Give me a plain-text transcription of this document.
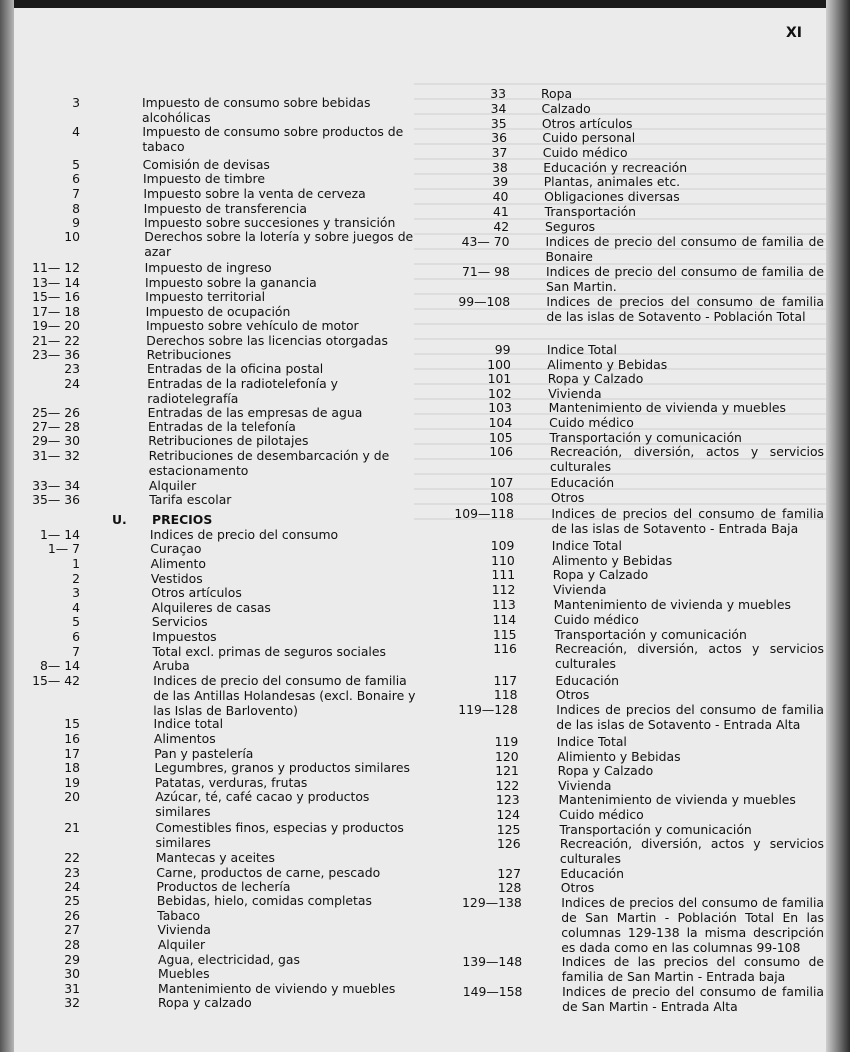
XI
3	Impuesto de consumo sobre bebidas alcohólicas
4	Impuesto de consumo sobre productos de tabaco
5	Comisión de devisas
6	Impuesto de timbre
7	Impuesto sobre la venta de cerveza
8	Impuesto de transferencia
9	Impuesto sobre succesiones y transición
10	Derechos sobre la lotería y sobre juegos de azar
11— 12	Impuesto de ingreso
13— 14	Impuesto sobre la ganancia
15— 16	Impuesto territorial
17— 18	Impuesto de ocupación
19— 20	Impuesto sobre vehículo de motor
21— 22	Derechos sobre las licencias otorgadas
23— 36	Retribuciones
23	Entradas de la oficina postal
24	Entradas de la radiotelefonía y radiotelegrafía
25— 26	Entradas de las empresas de agua
27— 28	Entradas de la telefonía
29— 30	Retribuciones de pilotajes
31— 32	Retribuciones de desembarcación y de estacionamento
33— 34	Alquiler
35— 36	Tarifa escolar
U.	PRECIOS
1— 14	Indices de precio del consumo
1— 7	Curaçao
1	Alimento
2	Vestidos
3	Otros artículos
4	Alquileres de casas
5	Servicios
6	Impuestos
7	Total excl. primas de seguros sociales
8— 14	Aruba
15— 42	Indices de precio del consumo de familia de las Antillas Holandesas (excl. Bonaire y las Islas de Barlovento)
15	Indice total
16	Alimentos
17	Pan y pastelería
18	Legumbres, granos y productos similares
19	Patatas, verduras, frutas
20	Azúcar, té, café cacao y productos similares
21	Comestibles finos, especias y productos similares
22	Mantecas y aceites
23	Carne, productos de carne, pescado
24	Productos de lechería
25	Bebidas, hielo, comidas completas
26	Tabaco
27	Vivienda
28	Alquiler
29	Agua, electricidad, gas
30	Muebles
31	Mantenimiento de viviendo y muebles
32	Ropa y calzado
33	Ropa
34	Calzado
35	Otros artículos
36	Cuido personal
37	Cuido médico
38	Educación y recreación
39	Plantas, animales etc.
40	Obligaciones diversas
41	Transportación
42	Seguros
43— 70	Indices de precio del consumo de familia de Bonaire
71— 98	Indices de precio del consumo de familia de San Martin.
99—108	Indices de precios del consumo de familia de las islas de Sotavento - Población Total
99	Indice Total
100	Alimento y Bebidas
101	Ropa y Calzado
102	Vivienda
103	Mantenimiento de vivienda y muebles
104	Cuido médico
105	Transportación y comunicación
106	Recreación, diversión, actos y servicios culturales
107	Educación
108	Otros
109—118	Indices de precios del consumo de familia de las islas de Sotavento - Entrada Baja
109	Indice Total
110	Alimento y Bebidas
111	Ropa y Calzado
112	Vivienda
113	Mantenimiento de vivienda y muebles
114	Cuido médico
115	Transportación y comunicación
116	Recreación, diversión, actos y servicios culturales
117	Educación
118	Otros
119—128	Indices de precios del consumo de familia de las islas de Sotavento - Entrada Alta
119	Indice Total
120	Alimiento y Bebidas
121	Ropa y Calzado
122	Vivienda
123	Mantenimiento de vivienda y muebles
124	Cuido médico
125	Transportación y comunicación
126	Recreación, diversión, actos y servicios culturales
127	Educación
128	Otros
129—138	Indices de precios del consumo de familia de San Martin - Población Total En las columnas 129-138 la misma descripción es dada como en las columnas 99-108
139—148	Indices de las precios del consumo de familia de San Martin - Entrada baja
149—158	Indices de precio del consumo de familia de San Martin - Entrada Alta
